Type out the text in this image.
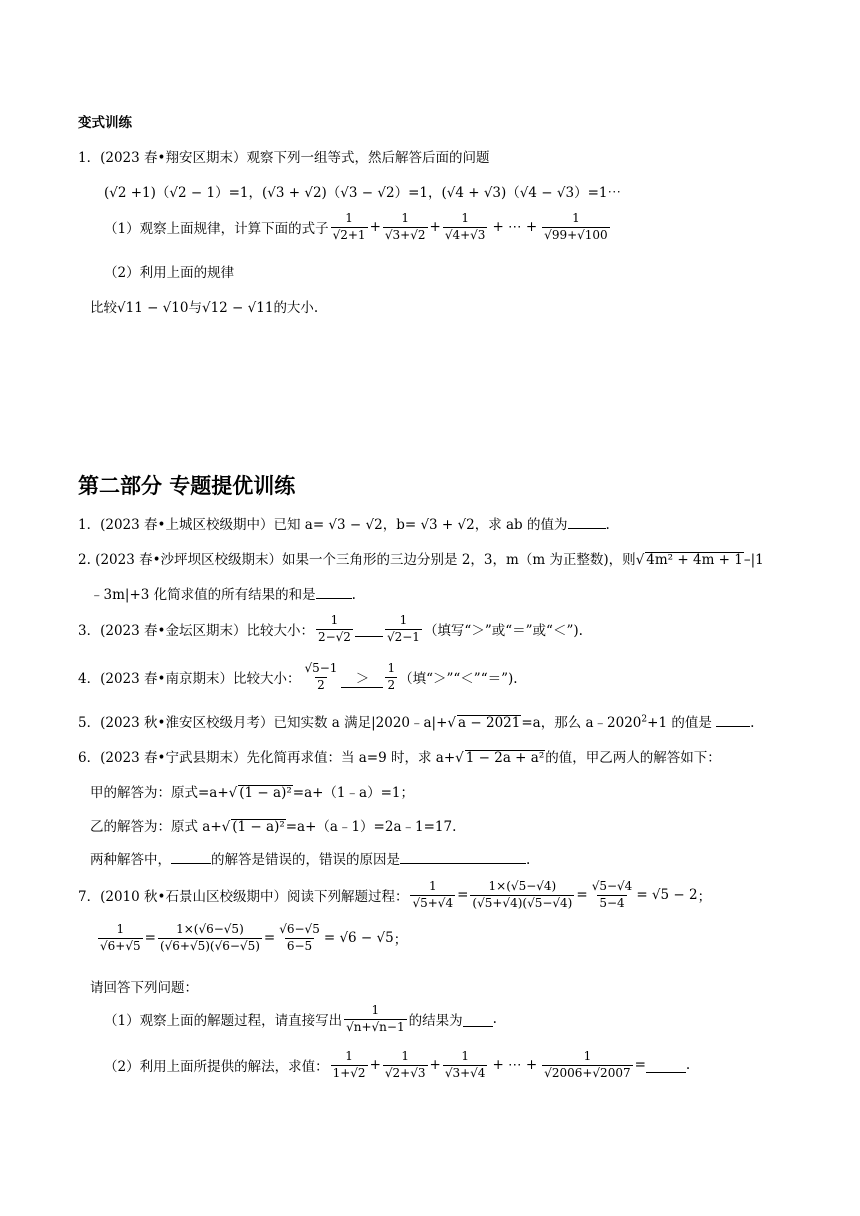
变式训练
1．(2023 春•翔安区期末）观察下列一组等式，然后解答后面的问题
(√2 +1)（√2 − 1）=1，(√3 + √2)（√3 − √2）=1，(√4 + √3)（√4 − √3）=1⋯
（1）观察上面规律，计算下面的式子 $\frac{1}{√2+1} + \frac{1}{√3+√2} + \frac{1}{√4+√3}$ + ⋯ + $\frac{1}{√99+√100}$
（2）利用上面的规律
比较√11 − √10与√12 − √11的大小.
第二部分 专题提优训练
1．(2023 春•上城区校级期中）已知 a= √3 − √2，b= √3 + √2，求 ab 的值为	.
2. (2023 春•沙坪坝区校级期末）如果一个三角形的三边分别是 2，3，m（m 为正整数)，则√ 4m² + 4m + 1–|1
﹣3m|+3 化简求值的所有结果的和是	.
3．(2023 春•金坛区期末）比较大小： $\frac{1}{2-√2}$	$\frac{1}{√2-1}$ （填写“＞”或“＝”或“＜”).
4．(2023 春•南京期末）比较大小： $\frac{√5-1}{2}$	＞	$\frac{1}{2}$ （填“＞”“＜”“＝”).
5．(2023 秋•淮安区校级月考）已知实数 a 满足|2020﹣a|+√ a − 2021=a，那么 $a﹣2020^2+1$ 的值是	.
6．(2023 春•宁武县期末）先化简再求值：当 a=9 时，求 a+√ 1 − 2a + a²的值，甲乙两人的解答如下：
甲的解答为：原式=a+√ (1 − a)²=a+（1﹣a）=1；
乙的解答为：原式 a+√ (1 − a)²=a+（a﹣1）=2a﹣1=17.
两种解答中，	的解答是错误的，错误的原因是	.
7．(2010 秋•石景山区校级期中）阅读下列解题过程： $\frac{1}{√5+√4} = \frac{1\times(√5-√4)}{(√5+√4)(√5-√4)} = \frac{√5-√4}{5-4} = √5 - 2$ ；
$\frac{1}{√6+√5} = \frac{1\times(√6-√5)}{(√6+√5)(√6-√5)} = \frac{√6-√5}{6-5} = √6 - √5$ ；
请回答下列问题：
（1）观察上面的解题过程，请直接写出 $\frac{1}{√n+√n-1}$ 的结果为 .
（2）利用上面所提供的解法，求值： $\frac{1}{1+√2} + \frac{1}{√2+√3} + \frac{1}{√3+√4}$ + ⋯ + $\frac{1}{√2006+√2007}$ =	.
